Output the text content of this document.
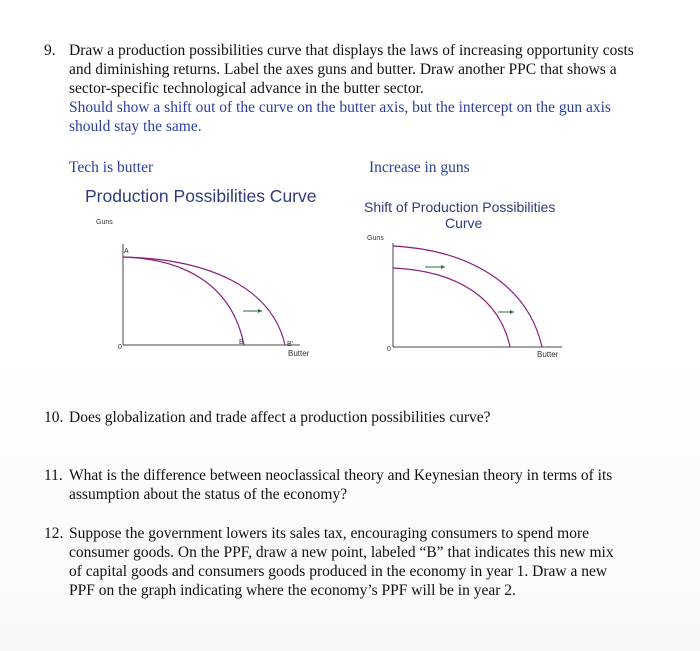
9. Draw a production possibilities curve that displays the laws of increasing opportunity costs and diminishing returns. Label the axes guns and butter. Draw another PPC that shows a sector-specific technological advance in the butter sector.
Should show a shift out of the curve on the butter axis, but the intercept on the gun axis should stay the same.
Tech is butter	Increase in guns
Production Possibilities Curve
Guns
0
A
B	B'
Butter
Shift of Production Possibilities
Curve
Guns
0
Butter
10. Does globalization and trade affect a production possibilities curve?
11. What is the difference between neoclassical theory and Keynesian theory in terms of its assumption about the status of the economy?
12. Suppose the government lowers its sales tax, encouraging consumers to spend more consumer goods. On the PPF, draw a new point, labeled “B” that indicates this new mix of capital goods and consumers goods produced in the economy in year 1. Draw a new PPF on the graph indicating where the economy’s PPF will be in year 2.
